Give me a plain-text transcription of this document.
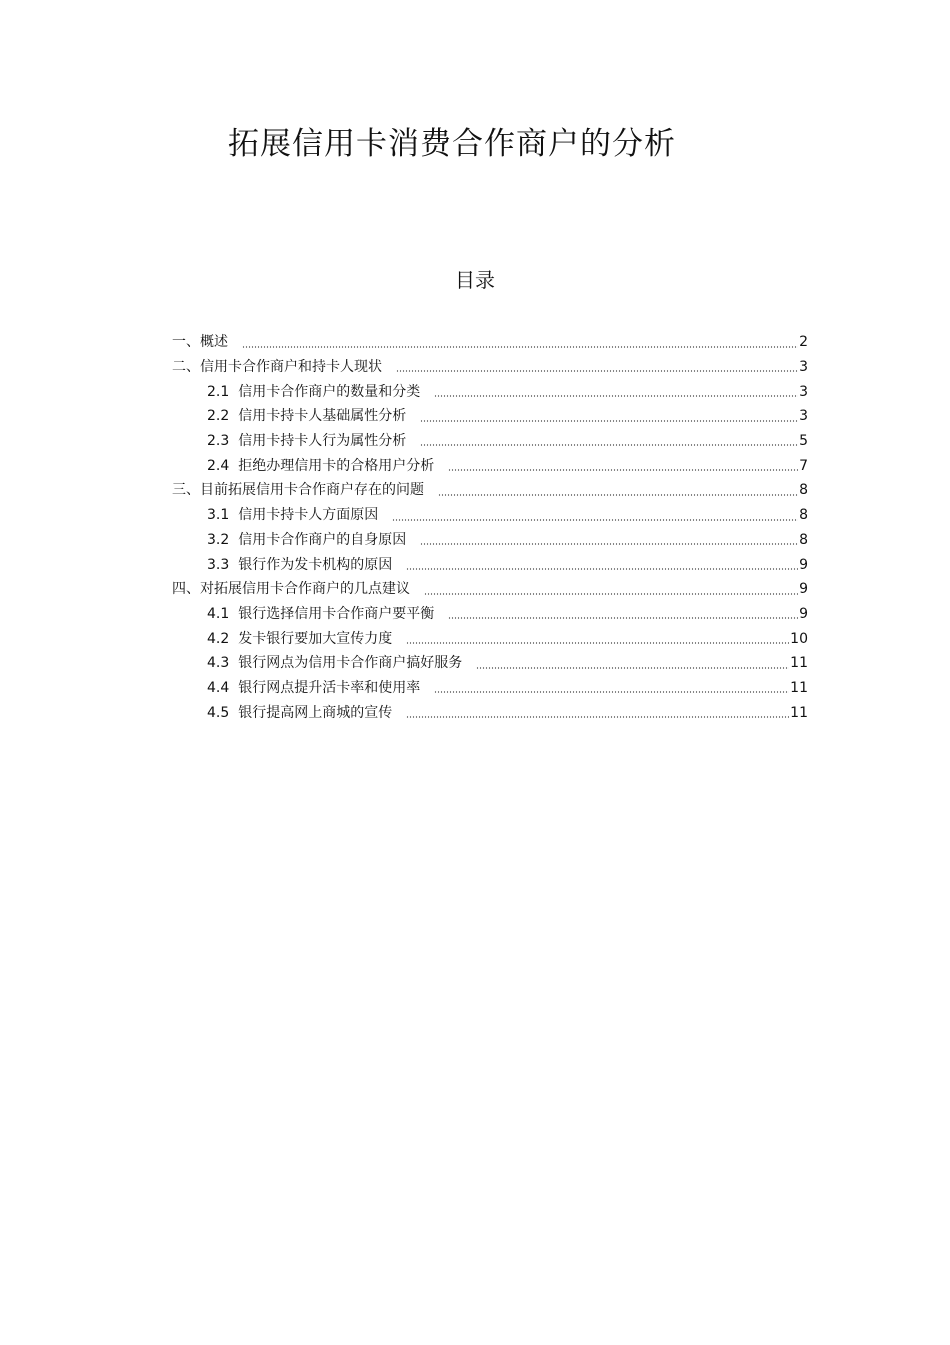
拓展信用卡消费合作商户的分析
目录
一、概述	2
二、信用卡合作商户和持卡人现状	3
2.1 信用卡合作商户的数量和分类	3
2.2 信用卡持卡人基础属性分析	3
2.3 信用卡持卡人行为属性分析	5
2.4 拒绝办理信用卡的合格用户分析	7
三、目前拓展信用卡合作商户存在的问题	8
3.1 信用卡持卡人方面原因	8
3.2 信用卡合作商户的自身原因	8
3.3 银行作为发卡机构的原因	9
四、对拓展信用卡合作商户的几点建议	9
4.1 银行选择信用卡合作商户要平衡	9
4.2 发卡银行要加大宣传力度	10
4.3 银行网点为信用卡合作商户搞好服务	11
4.4 银行网点提升活卡率和使用率	11
4.5 银行提高网上商城的宣传	11
